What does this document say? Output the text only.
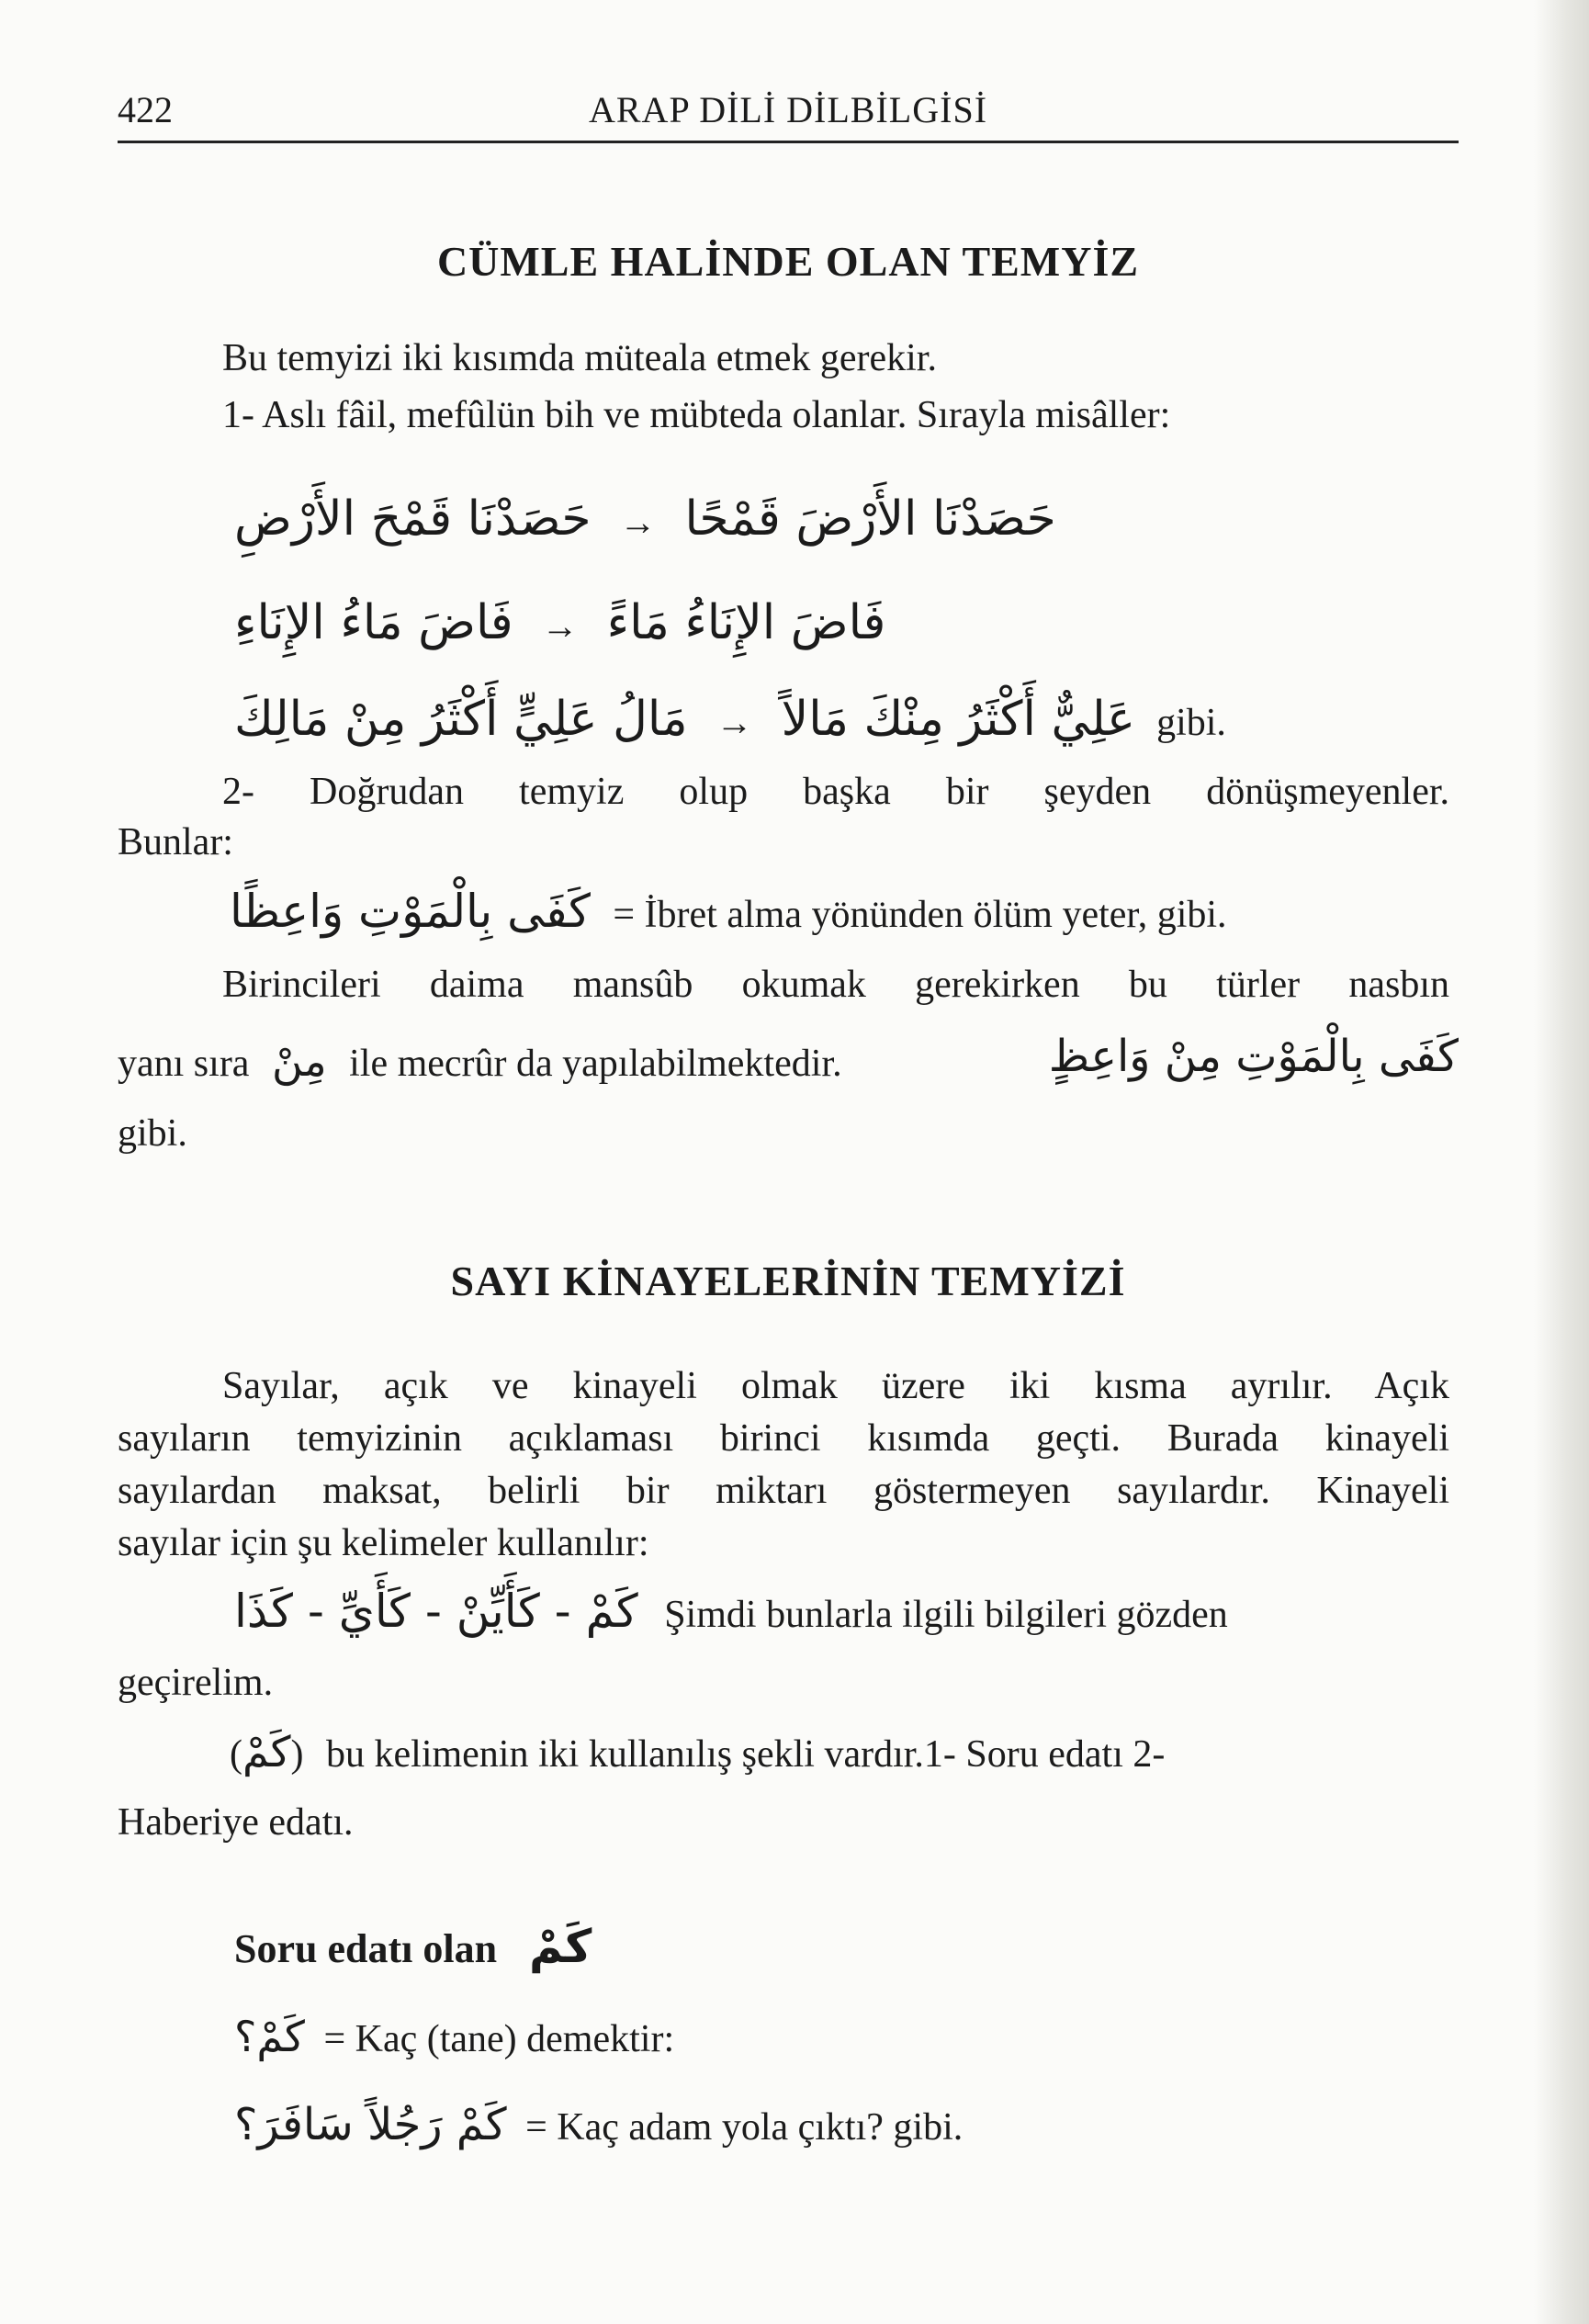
422	ARAP DİLİ DİLBİLGİSİ
CÜMLE HALİNDE OLAN TEMYİZ
Bu temyizi iki kısımda müteala etmek gerekir.
1- Aslı fâil, mefûlün bih ve mübteda olanlar. Sırayla misâller:
حَصَدْنَا قَمْحَ الأَرْضِ → حَصَدْنَا الأَرْضَ قَمْحًا
فَاضَ مَاءُ الإِنَاءِ → فَاضَ الإِنَاءُ مَاءً
مَالُ عَلِيٍّ أَكْثَرُ مِنْ مَالِكَ → عَلِيٌّ أَكْثَرُ مِنْكَ مَالاً gibi.
2- Doğrudan temyiz olup başka bir şeyden dönüşmeyenler.
Bunlar:
كَفَى بِالْمَوْتِ وَاعِظًا = İbret alma yönünden ölüm yeter, gibi.
Birincileri daima mansûb okumak gerekirken bu türler nasbın
yanı sıra مِنْ ile mecrûr da yapılabilmektedir.	كَفَى بِالْمَوْتِ مِنْ وَاعِظٍ
gibi.
SAYI KİNAYELERİNİN TEMYİZİ
Sayılar, açık ve kinayeli olmak üzere iki kısma ayrılır. Açık
sayıların temyizinin açıklaması birinci kısımda geçti. Burada kinayeli
sayılardan maksat, belirli bir miktarı göstermeyen sayılardır. Kinayeli
sayılar için şu kelimeler kullanılır:
كَمْ - كَأَيِّنْ - كَأَيِّ - كَذَا Şimdi bunlarla ilgili bilgileri gözden
geçirelim.
(كَمْ) bu kelimenin iki kullanılış şekli vardır.1- Soru edatı 2-
Haberiye edatı.
Soru edatı olan كَمْ
كَمْ؟ = Kaç (tane) demektir:
كَمْ رَجُلاً سَافَرَ؟ = Kaç adam yola çıktı? gibi.
